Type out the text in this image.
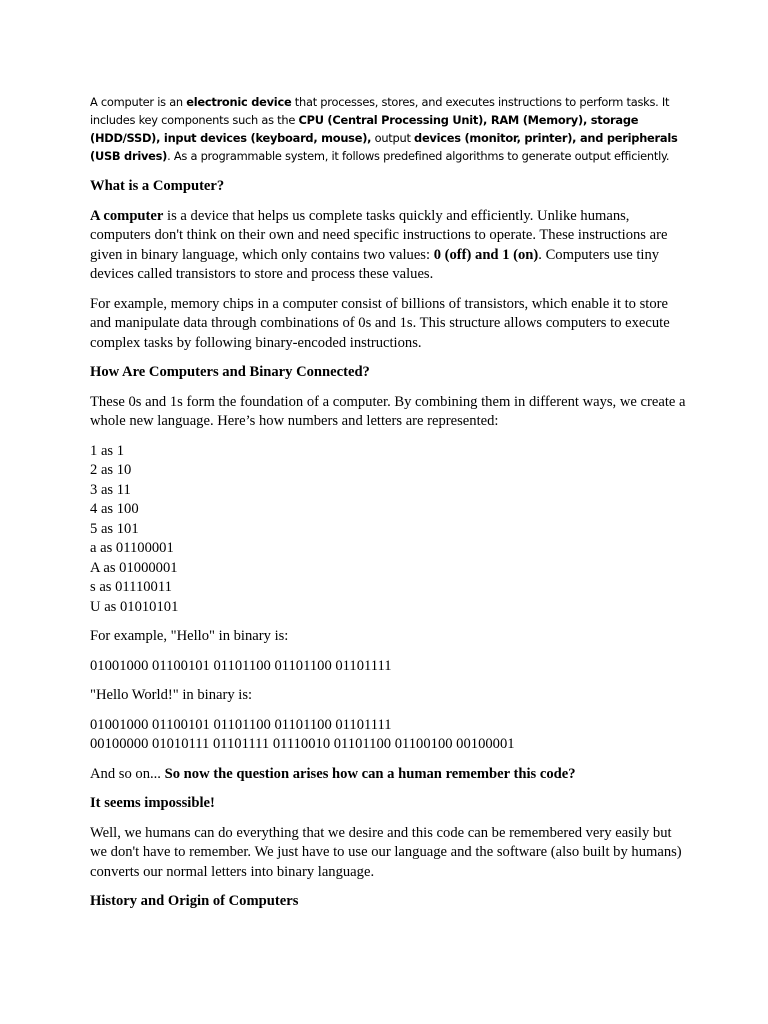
A computer is an electronic device that processes, stores, and executes instructions to perform tasks. It includes key components such as the CPU (Central Processing Unit), RAM (Memory), storage (HDD/SSD), input devices (keyboard, mouse), output devices (monitor, printer), and peripherals (USB drives). As a programmable system, it follows predefined algorithms to generate output efficiently.

What is a Computer?

A computer is a device that helps us complete tasks quickly and efficiently. Unlike humans, computers don't think on their own and need specific instructions to operate. These instructions are given in binary language, which only contains two values: 0 (off) and 1 (on). Computers use tiny devices called transistors to store and process these values.

For example, memory chips in a computer consist of billions of transistors, which enable it to store and manipulate data through combinations of 0s and 1s. This structure allows computers to execute complex tasks by following binary-encoded instructions.

How Are Computers and Binary Connected?

These 0s and 1s form the foundation of a computer. By combining them in different ways, we create a whole new language. Here’s how numbers and letters are represented:

1 as 1
2 as 10
3 as 11
4 as 100
5 as 101
a as 01100001
A as 01000001
s as 01110011
U as 01010101

For example, "Hello" in binary is:

01001000 01100101 01101100 01101100 01101111

"Hello World!" in binary is:

01001000 01100101 01101100 01101100 01101111
00100000 01010111 01101111 01110010 01101100 01100100 00100001

And so on... So now the question arises how can a human remember this code?

It seems impossible!

Well, we humans can do everything that we desire and this code can be remembered very easily but we don't have to remember. We just have to use our language and the software (also built by humans) converts our normal letters into binary language.

History and Origin of Computers
